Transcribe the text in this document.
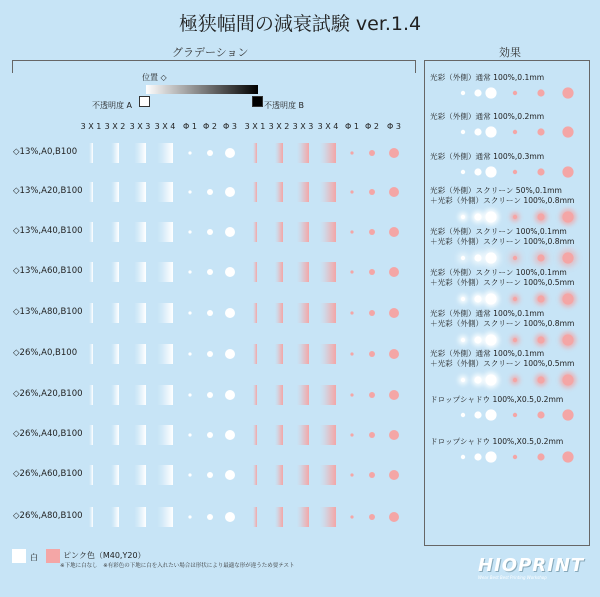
極狭幅間の減衰試験 ver.1.4
グラデーション	効果
位置 ◇
不透明度 A	不透明度 B
3 X 1 3 X 2 3 X 3 3 X 4 Φ 1 Φ 2 Φ 3 3 X 1 3 X 2 3 X 3 3 X 4 Φ 1 Φ 2	Φ 3
◇13%,A0,B100
◇13%,A20,B100
◇13%,A40,B100
◇13%,A60,B100
◇13%,A80,B100
◇26%,A0,B100
◇26%,A20,B100
◇26%,A40,B100
◇26%,A60,B100
◇26%,A80,B100
光彩（外側）通常 100%,0.1mm
光彩（外側）通常 100%,0.2mm
光彩（外側）通常 100%,0.3mm
光彩（外側）スクリーン 50%,0.1mm
＋光彩（外側）スクリーン 100%,0.8mm
光彩（外側）スクリーン 100%,0.1mm
＋光彩（外側）スクリーン 100%,0.8mm
光彩（外側）スクリーン 100%,0.1mm
＋光彩（外側）スクリーン 100%,0.5mm
光彩（外側）通常 100%,0.1mm
＋光彩（外側）スクリーン 100%,0.8mm
光彩（外側）通常 100%,0.1mm
＋光彩（外側）スクリーン 100%,0.5mm
ドロップシャドウ 100%,X0.5,0.2mm
ドロップシャドウ 100%,X0.5,0.2mm
白	ピンク色（M40,Y20）
※下地に白なし　※有彩色の下地に白を入れたい場合は形状により最適な形が違うため要テスト	HIOPRINT
Wear Best Best Printing Workshop
